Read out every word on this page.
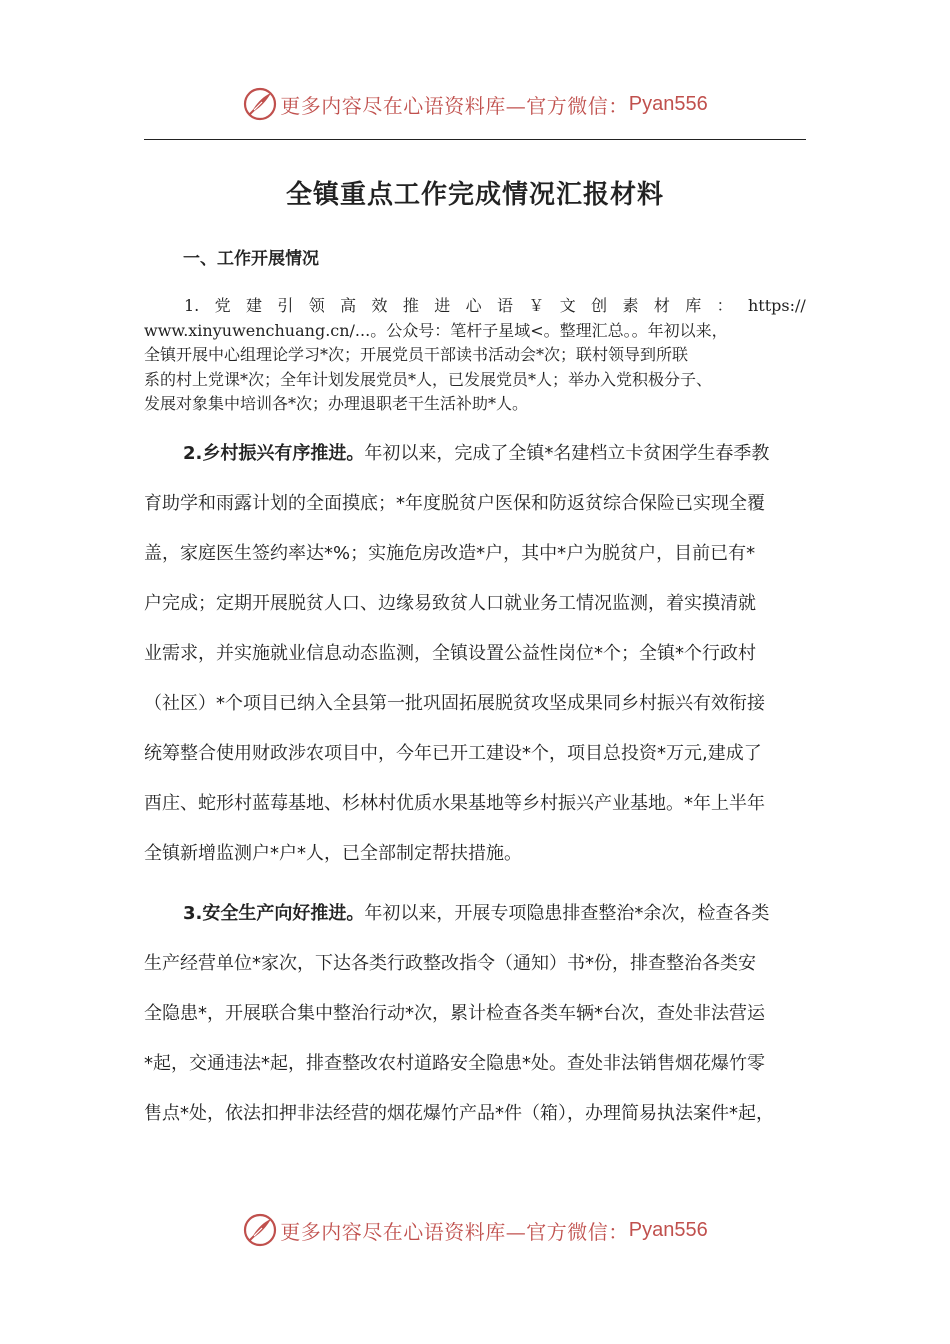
更多内容尽在心语资料库—官方微信： Pyan556
全镇重点工作完成情况汇报材料
一、工作开展情况
1. 党 建 引 领 高 效 推 进 心 语 ￥ 文 创 素 材 库 ： https://
www.xinyuwenchuang.cn/...。公众号：笔杆子星域<。整理汇总。。年初以来，
全镇开展中心组理论学习*次；开展党员干部读书活动会*次；联村领导到所联
系的村上党课*次；全年计划发展党员*人，已发展党员*人；举办入党积极分子、
发展对象集中培训各*次；办理退职老干生活补助*人。
2.乡村振兴有序推进。年初以来，完成了全镇*名建档立卡贫困学生春季教
育助学和雨露计划的全面摸底；*年度脱贫户医保和防返贫综合保险已实现全覆
盖，家庭医生签约率达*%；实施危房改造*户，其中*户为脱贫户，目前已有*
户完成；定期开展脱贫人口、边缘易致贫人口就业务工情况监测，着实摸清就
业需求，并实施就业信息动态监测，全镇设置公益性岗位*个；全镇*个行政村
（社区）*个项目已纳入全县第一批巩固拓展脱贫攻坚成果同乡村振兴有效衔接
统筹整合使用财政涉农项目中，今年已开工建设*个，项目总投资*万元,建成了
酉庄、蛇形村蓝莓基地、杉林村优质水果基地等乡村振兴产业基地。*年上半年
全镇新增监测户*户*人，已全部制定帮扶措施。
3.安全生产向好推进。年初以来，开展专项隐患排查整治*余次，检查各类
生产经营单位*家次，下达各类行政整改指令（通知）书*份，排查整治各类安
全隐患*，开展联合集中整治行动*次，累计检查各类车辆*台次，查处非法营运
*起，交通违法*起，排查整改农村道路安全隐患*处。查处非法销售烟花爆竹零
售点*处，依法扣押非法经营的烟花爆竹产品*件（箱），办理简易执法案件*起，
更多内容尽在心语资料库—官方微信： Pyan556
